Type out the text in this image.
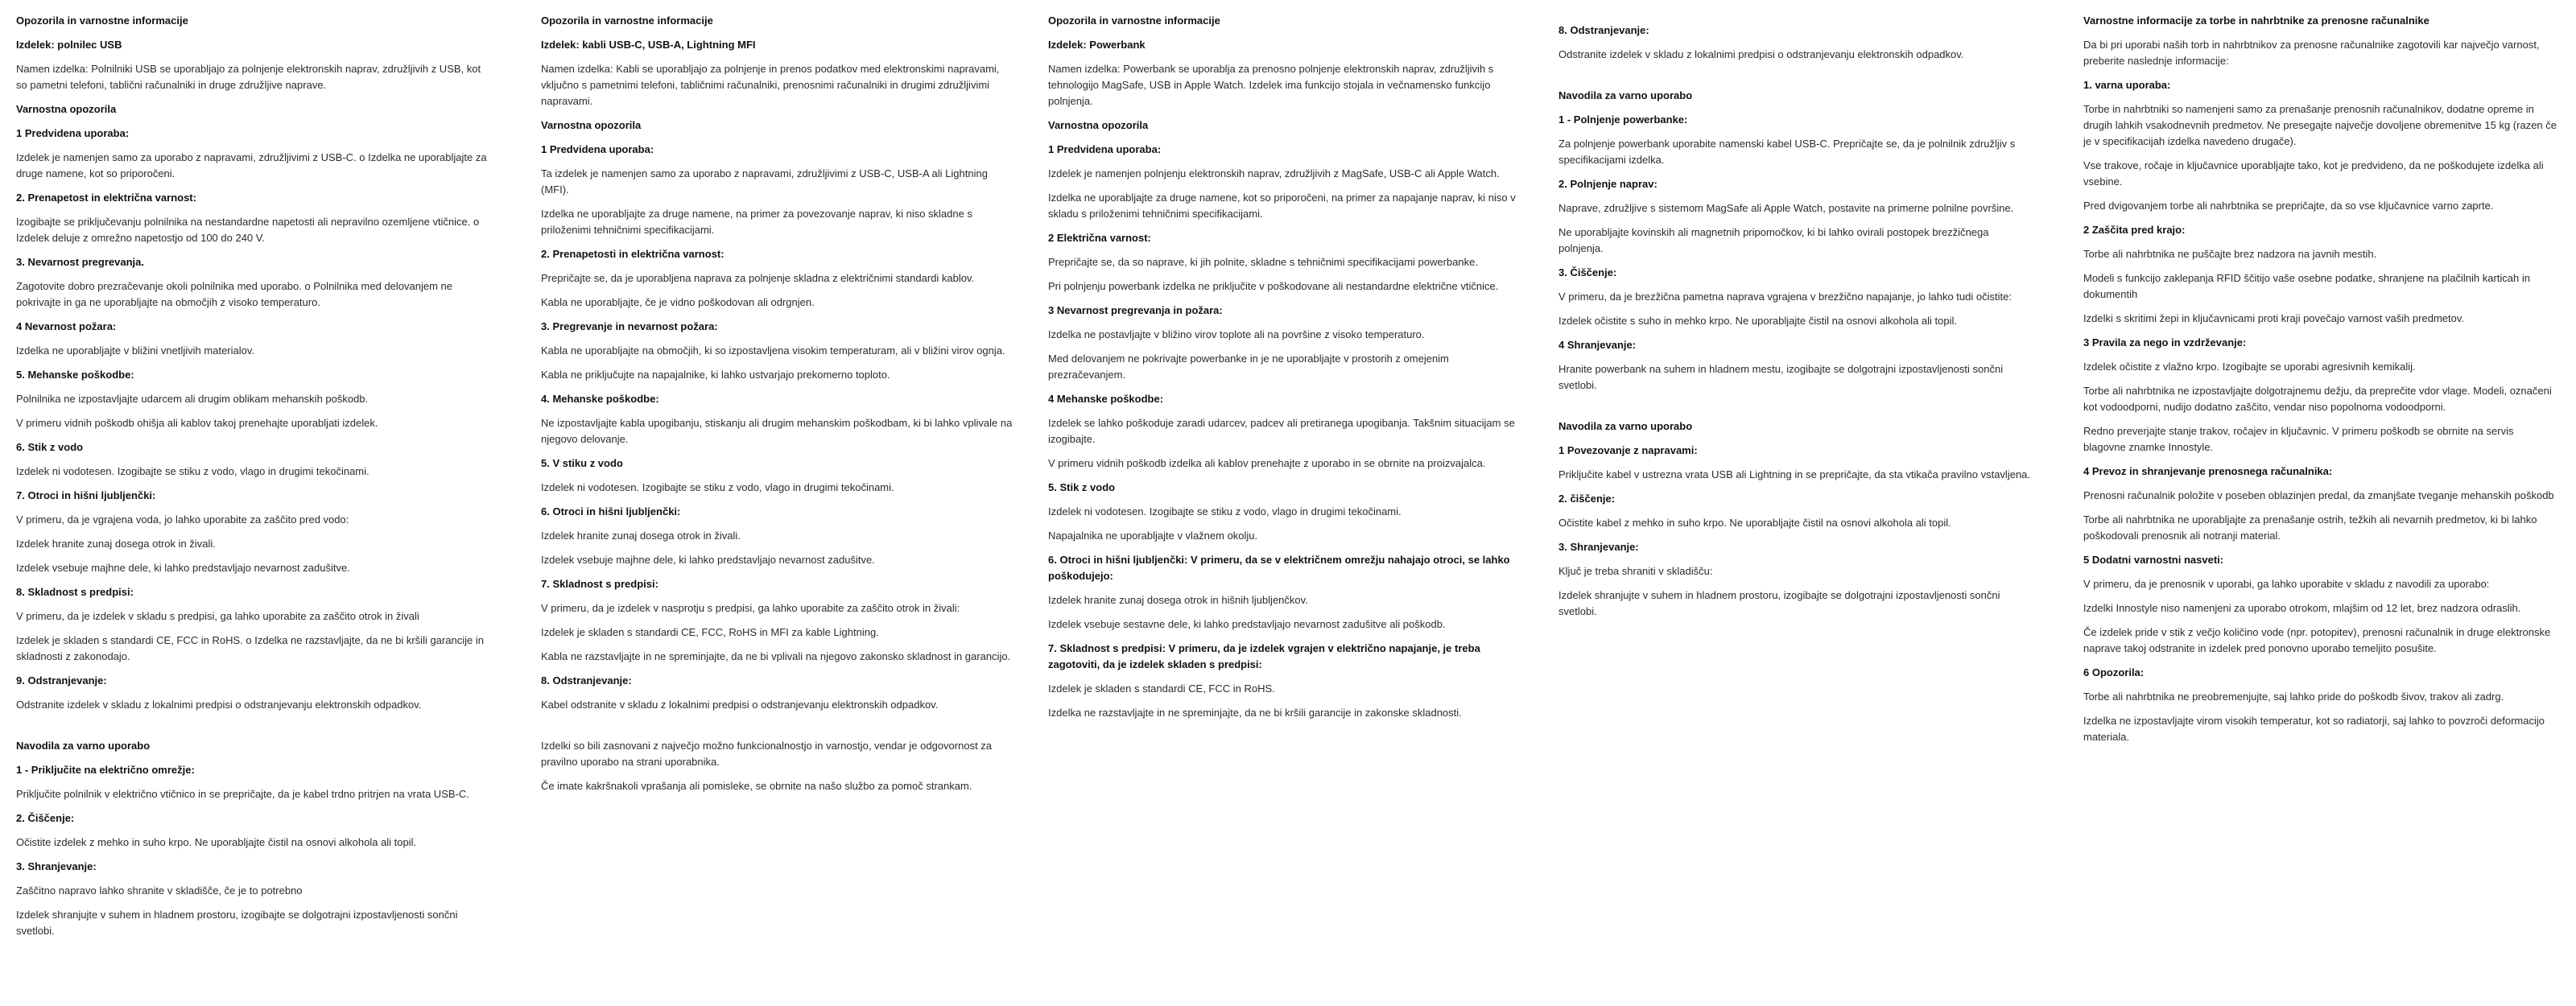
Opozorila in varnostne informacije

Izdelek: polnilec USB

Namen izdelka: Polnilniki USB se uporabljajo za polnjenje elektronskih naprav, združljivih z USB, kot so pametni telefoni, tablični računalniki in druge združljive naprave.

Varnostna opozorila

1 Predvidena uporaba:

Izdelek je namenjen samo za uporabo z napravami, združljivimi z USB-C. o Izdelka ne uporabljajte za druge namene, kot so priporočeni.

2. Prenapetost in električna varnost:

Izogibajte se priključevanju polnilnika na nestandardne napetosti ali nepravilno ozemljene vtičnice. o Izdelek deluje z omrežno napetostjo od 100 do 240 V.

3. Nevarnost pregrevanja.

Zagotovite dobro prezračevanje okoli polnilnika med uporabo. o Polnilnika med delovanjem ne pokrivajte in ga ne uporabljajte na območjih z visoko temperaturo.

4 Nevarnost požara:

Izdelka ne uporabljajte v bližini vnetljivih materialov.

5. Mehanske poškodbe:

Polnilnika ne izpostavljajte udarcem ali drugim oblikam mehanskih poškodb.

V primeru vidnih poškodb ohišja ali kablov takoj prenehajte uporabljati izdelek.

6. Stik z vodo

Izdelek ni vodotesen. Izogibajte se stiku z vodo, vlago in drugimi tekočinami.

7. Otroci in hišni ljubljenčki:

V primeru, da je vgrajena voda, jo lahko uporabite za zaščito pred vodo:

Izdelek hranite zunaj dosega otrok in živali.

Izdelek vsebuje majhne dele, ki lahko predstavljajo nevarnost zadušitve.

8. Skladnost s predpisi:

V primeru, da je izdelek v skladu s predpisi, ga lahko uporabite za zaščito otrok in živali

Izdelek je skladen s standardi CE, FCC in RoHS. o Izdelka ne razstavljajte, da ne bi kršili garancije in skladnosti z zakonodajo.

9. Odstranjevanje:

Odstranite izdelek v skladu z lokalnimi predpisi o odstranjevanju elektronskih odpadkov.

Navodila za varno uporabo

1 - Priključite na električno omrežje:

Priključite polnilnik v električno vtičnico in se prepričajte, da je kabel trdno pritrjen na vrata USB-C.

2. Čiščenje:

Očistite izdelek z mehko in suho krpo. Ne uporabljajte čistil na osnovi alkohola ali topil.

3. Shranjevanje:

Zaščitno napravo lahko shranite v skladišče, če je to potrebno

Izdelek shranjujte v suhem in hladnem prostoru, izogibajte se dolgotrajni izpostavljenosti sončni svetlobi.

Opozorila in varnostne informacije

Izdelek: kabli USB-C, USB-A, Lightning MFI

Namen izdelka: Kabli se uporabljajo za polnjenje in prenos podatkov med elektronskimi napravami, vključno s pametnimi telefoni, tabličnimi računalniki, prenosnimi računalniki in drugimi združljivimi napravami.

Varnostna opozorila

1 Predvidena uporaba:

Ta izdelek je namenjen samo za uporabo z napravami, združljivimi z USB-C, USB-A ali Lightning (MFI).

Izdelka ne uporabljajte za druge namene, na primer za povezovanje naprav, ki niso skladne s priloženimi tehničnimi specifikacijami.

2. Prenapetosti in električna varnost:

Prepričajte se, da je uporabljena naprava za polnjenje skladna z električnimi standardi kablov.

Kabla ne uporabljajte, če je vidno poškodovan ali odrgnjen.

3. Pregrevanje in nevarnost požara:

Kabla ne uporabljajte na območjih, ki so izpostavljena visokim temperaturam, ali v bližini virov ognja.

Kabla ne priključujte na napajalnike, ki lahko ustvarjajo prekomerno toploto.

4. Mehanske poškodbe:

Ne izpostavljajte kabla upogibanju, stiskanju ali drugim mehanskim poškodbam, ki bi lahko vplivale na njegovo delovanje.

5. V stiku z vodo

Izdelek ni vodotesen. Izogibajte se stiku z vodo, vlago in drugimi tekočinami.

6. Otroci in hišni ljubljenčki:

Izdelek hranite zunaj dosega otrok in živali.

Izdelek vsebuje majhne dele, ki lahko predstavljajo nevarnost zadušitve.

7. Skladnost s predpisi:

V primeru, da je izdelek v nasprotju s predpisi, ga lahko uporabite za zaščito otrok in živali:

Izdelek je skladen s standardi CE, FCC, RoHS in MFI za kable Lightning.

Kabla ne razstavljajte in ne spreminjajte, da ne bi vplivali na njegovo zakonsko skladnost in garancijo.

8. Odstranjevanje:

Kabel odstranite v skladu z lokalnimi predpisi o odstranjevanju elektronskih odpadkov.

Izdelki so bili zasnovani z največjo možno funkcionalnostjo in varnostjo, vendar je odgovornost za pravilno uporabo na strani uporabnika.

Če imate kakršnakoli vprašanja ali pomisleke, se obrnite na našo službo za pomoč strankam.

Opozorila in varnostne informacije

Izdelek: Powerbank

Namen izdelka: Powerbank se uporablja za prenosno polnjenje elektronskih naprav, združljivih s tehnologijo MagSafe, USB in Apple Watch. Izdelek ima funkcijo stojala in večnamensko funkcijo polnjenja.

Varnostna opozorila

1 Predvidena uporaba:

Izdelek je namenjen polnjenju elektronskih naprav, združljivih z MagSafe, USB-C ali Apple Watch.

Izdelka ne uporabljajte za druge namene, kot so priporočeni, na primer za napajanje naprav, ki niso v skladu s priloženimi tehničnimi specifikacijami.

2 Električna varnost:

Prepričajte se, da so naprave, ki jih polnite, skladne s tehničnimi specifikacijami powerbanke.

Pri polnjenju powerbank izdelka ne priključite v poškodovane ali nestandardne električne vtičnice.

3 Nevarnost pregrevanja in požara:

Izdelka ne postavljajte v bližino virov toplote ali na površine z visoko temperaturo.

Med delovanjem ne pokrivajte powerbanke in je ne uporabljajte v prostorih z omejenim prezračevanjem.

4 Mehanske poškodbe:

Izdelek se lahko poškoduje zaradi udarcev, padcev ali pretiranega upogibanja. Takšnim situacijam se izogibajte.

V primeru vidnih poškodb izdelka ali kablov prenehajte z uporabo in se obrnite na proizvajalca.

5. Stik z vodo

Izdelek ni vodotesen. Izogibajte se stiku z vodo, vlago in drugimi tekočinami.

Napajalnika ne uporabljajte v vlažnem okolju.

6. Otroci in hišni ljubljenčki: V primeru, da se v električnem omrežju nahajajo otroci, se lahko poškodujejo:

Izdelek hranite zunaj dosega otrok in hišnih ljubljenčkov.

Izdelek vsebuje sestavne dele, ki lahko predstavljajo nevarnost zadušitve ali poškodb.

7. Skladnost s predpisi: V primeru, da je izdelek vgrajen v električno napajanje, je treba zagotoviti, da je izdelek skladen s predpisi:

Izdelek je skladen s standardi CE, FCC in RoHS.

Izdelka ne razstavljajte in ne spreminjajte, da ne bi kršili garancije in zakonske skladnosti.

8. Odstranjevanje:

Odstranite izdelek v skladu z lokalnimi predpisi o odstranjevanju elektronskih odpadkov.

Navodila za varno uporabo

1 - Polnjenje powerbanke:

Za polnjenje powerbank uporabite namenski kabel USB-C. Prepričajte se, da je polnilnik združljiv s specifikacijami izdelka.

2. Polnjenje naprav:

Naprave, združljive s sistemom MagSafe ali Apple Watch, postavite na primerne polnilne površine.

Ne uporabljajte kovinskih ali magnetnih pripomočkov, ki bi lahko ovirali postopek brezžičnega polnjenja.

3. Čiščenje:

V primeru, da je brezžična pametna naprava vgrajena v brezžično napajanje, jo lahko tudi očistite:

Izdelek očistite s suho in mehko krpo. Ne uporabljajte čistil na osnovi alkohola ali topil.

4 Shranjevanje:

Hranite powerbank na suhem in hladnem mestu, izogibajte se dolgotrajni izpostavljenosti sončni svetlobi.

Navodila za varno uporabo

1 Povezovanje z napravami:

Priključite kabel v ustrezna vrata USB ali Lightning in se prepričajte, da sta vtikača pravilno vstavljena.

2. čiščenje:

Očistite kabel z mehko in suho krpo. Ne uporabljajte čistil na osnovi alkohola ali topil.

3. Shranjevanje:

Ključ je treba shraniti v skladišču:

Izdelek shranjujte v suhem in hladnem prostoru, izogibajte se dolgotrajni izpostavljenosti sončni svetlobi.

Varnostne informacije za torbe in nahrbtnike za prenosne računalnike

Da bi pri uporabi naših torb in nahrbtnikov za prenosne računalnike zagotovili kar največjo varnost, preberite naslednje informacije:

1. varna uporaba:

Torbe in nahrbtniki so namenjeni samo za prenašanje prenosnih računalnikov, dodatne opreme in drugih lahkih vsakodnevnih predmetov. Ne presegajte največje dovoljene obremenitve 15 kg (razen če je v specifikacijah izdelka navedeno drugače).

Vse trakove, ročaje in ključavnice uporabljajte tako, kot je predvideno, da ne poškodujete izdelka ali vsebine.

Pred dvigovanjem torbe ali nahrbtnika se prepričajte, da so vse ključavnice varno zaprte.

2 Zaščita pred krajo:

Torbe ali nahrbtnika ne puščajte brez nadzora na javnih mestih.

Modeli s funkcijo zaklepanja RFID ščitijo vaše osebne podatke, shranjene na plačilnih karticah in dokumentih

Izdelki s skritimi žepi in ključavnicami proti kraji povečajo varnost vaših predmetov.

3 Pravila za nego in vzdrževanje:

Izdelek očistite z vlažno krpo. Izogibajte se uporabi agresivnih kemikalij.

Torbe ali nahrbtnika ne izpostavljajte dolgotrajnemu dežju, da preprečite vdor vlage. Modeli, označeni kot vodoodporni, nudijo dodatno zaščito, vendar niso popolnoma vodoodporni.

Redno preverjajte stanje trakov, ročajev in ključavnic. V primeru poškodb se obrnite na servis blagovne znamke Innostyle.

4 Prevoz in shranjevanje prenosnega računalnika:

Prenosni računalnik položite v poseben oblazinjen predal, da zmanjšate tveganje mehanskih poškodb

Torbe ali nahrbtnika ne uporabljajte za prenašanje ostrih, težkih ali nevarnih predmetov, ki bi lahko poškodovali prenosnik ali notranji material.

5 Dodatni varnostni nasveti:

V primeru, da je prenosnik v uporabi, ga lahko uporabite v skladu z navodili za uporabo:

Izdelki Innostyle niso namenjeni za uporabo otrokom, mlajšim od 12 let, brez nadzora odraslih.

Če izdelek pride v stik z večjo količino vode (npr. potopitev), prenosni računalnik in druge elektronske naprave takoj odstranite in izdelek pred ponovno uporabo temeljito posušite.

6 Opozorila:

Torbe ali nahrbtnika ne preobremenjujte, saj lahko pride do poškodb šivov, trakov ali zadrg.

Izdelka ne izpostavljajte virom visokih temperatur, kot so radiatorji, saj lahko to povzroči deformacijo materiala.
